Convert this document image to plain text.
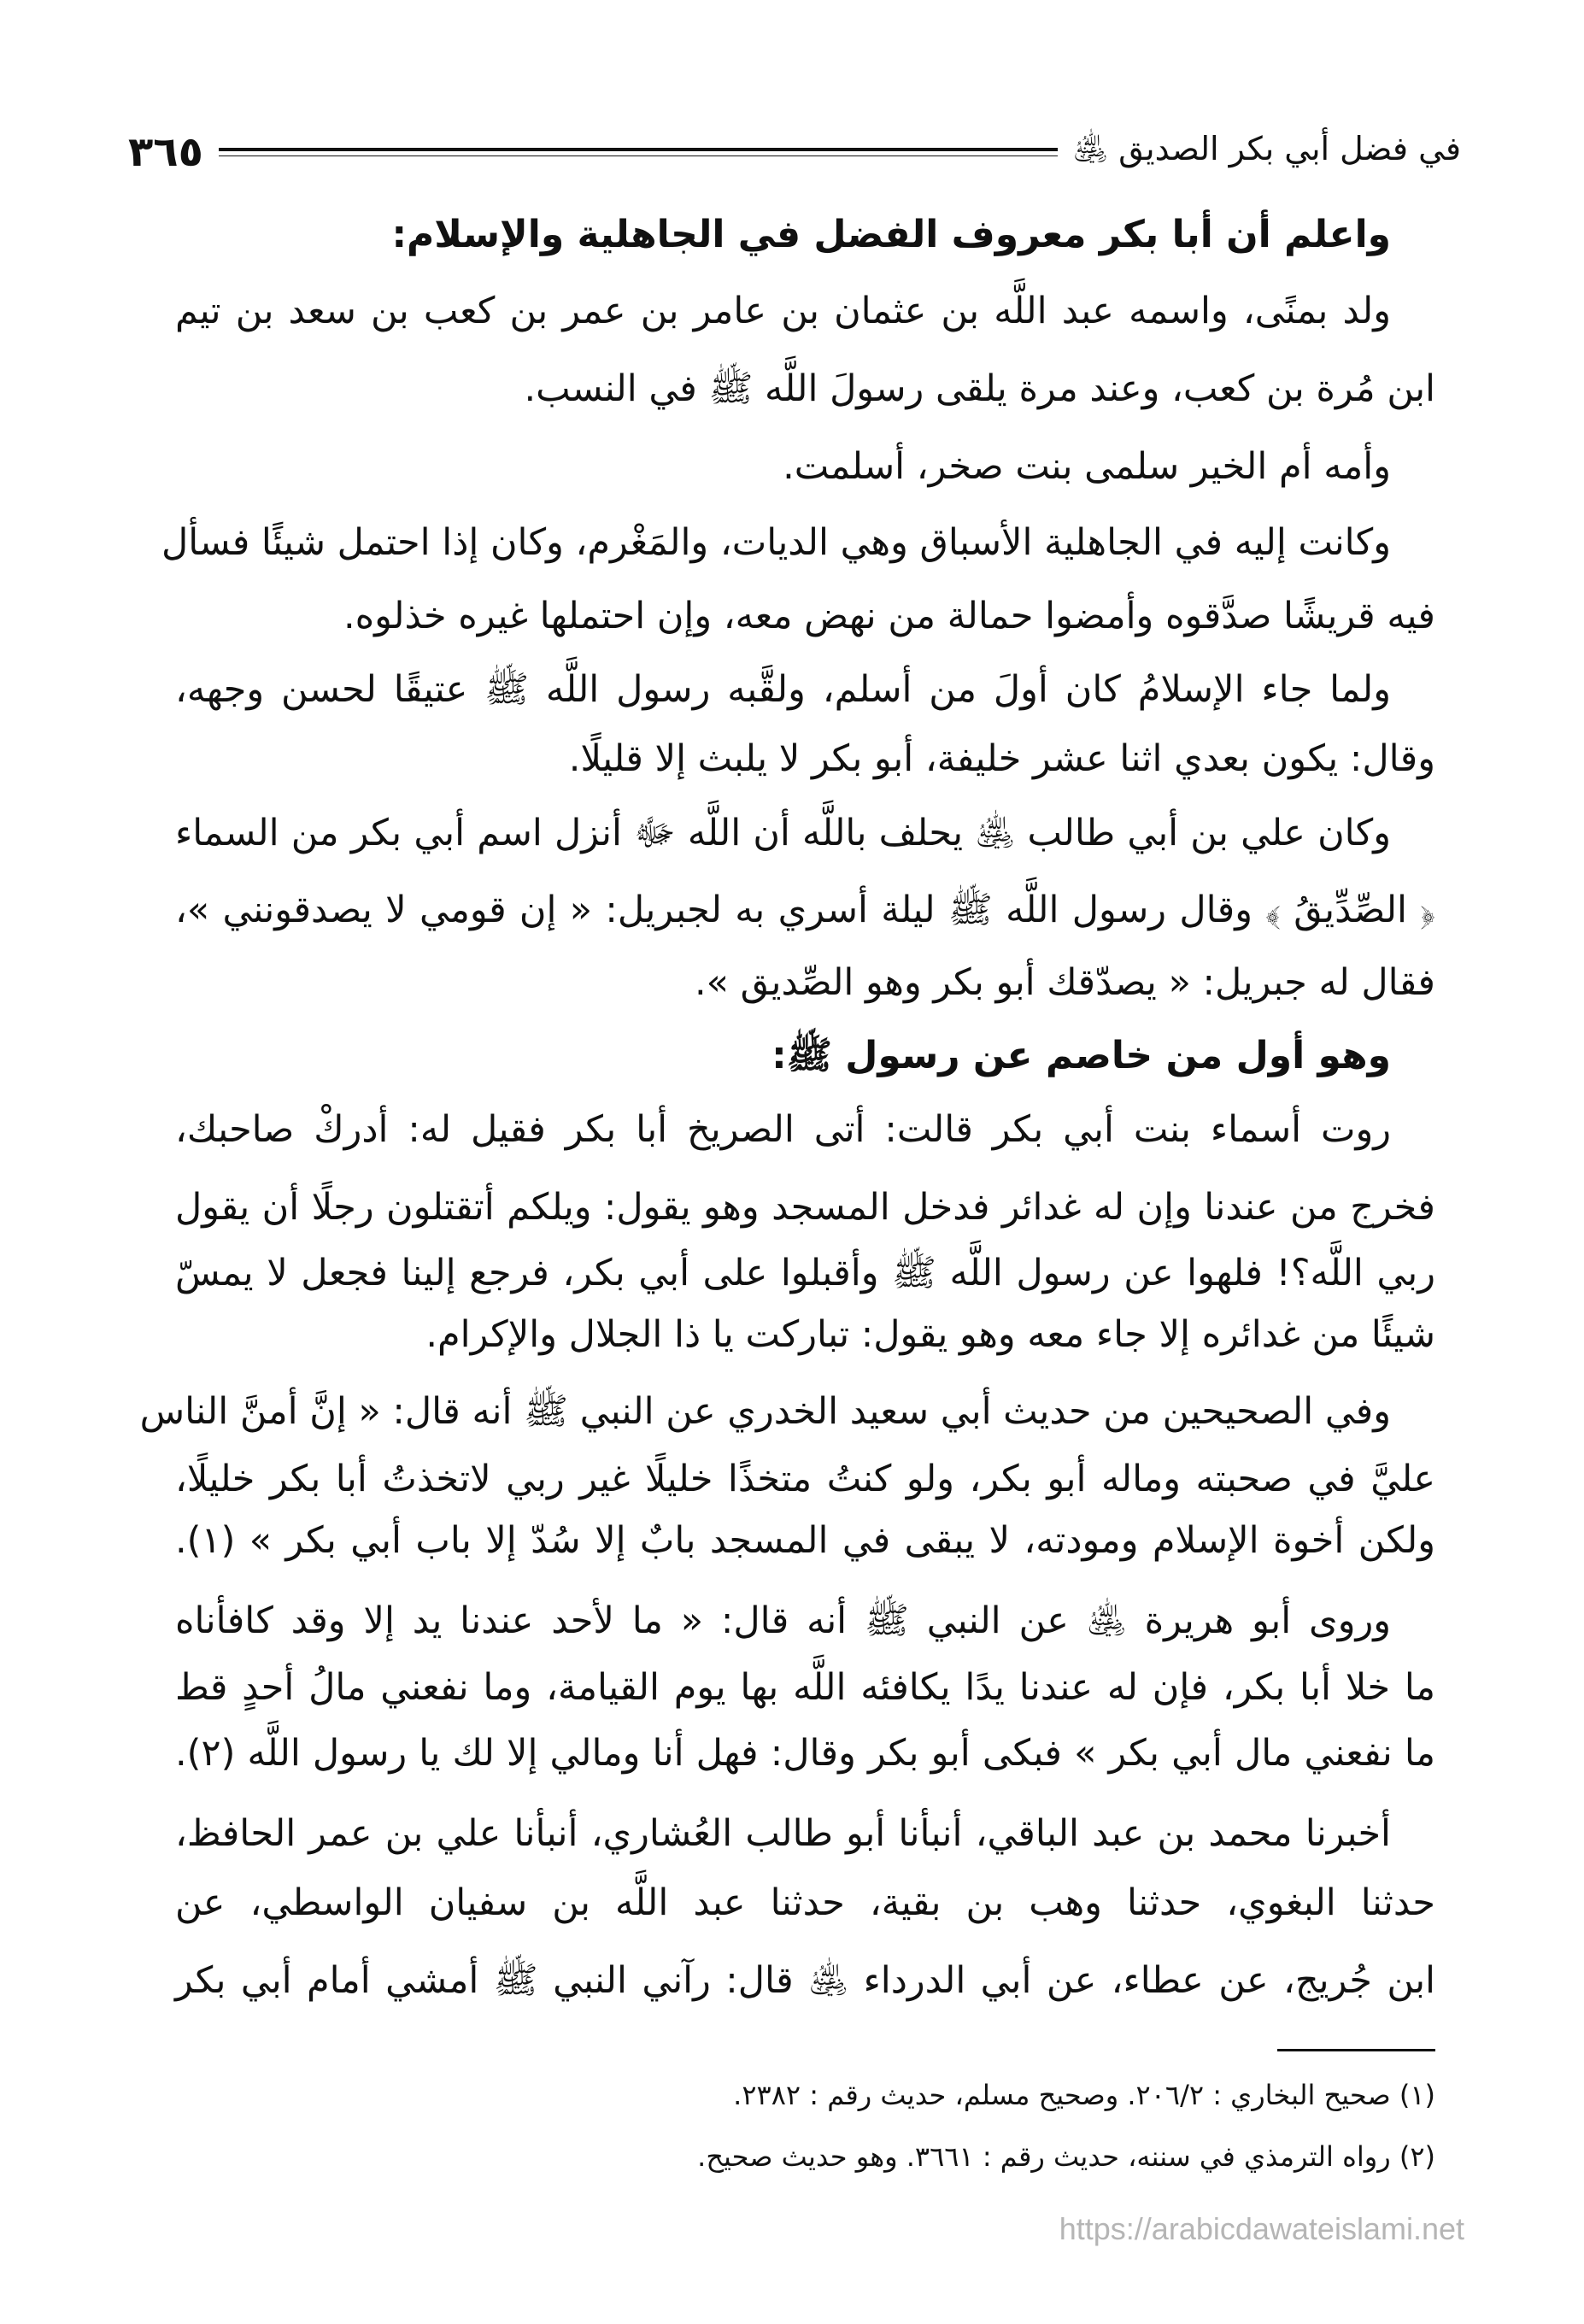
في فضل أبي بكر الصديق ﵁
٣٦٥
واعلم أن أبا بكر معروف الفضل في الجاهلية والإسلام:
ولد بمنًى، واسمه عبد اللَّه بن عثمان بن عامر بن عمر بن كعب بن سعد بن تيم
ابن مُرة بن كعب، وعند مرة يلقى رسولَ اللَّه ﷺ في النسب.
وأمه أم الخير سلمى بنت صخر، أسلمت.
وكانت إليه في الجاهلية الأسباق وهي الديات، والمَغْرم، وكان إذا احتمل شيئًا فسأل
فيه قريشًا صدَّقوه وأمضوا حمالة من نهض معه، وإن احتملها غيره خذلوه.
ولما جاء الإسلامُ كان أولَ من أسلم، ولقَّبه رسول اللَّه ﷺ عتيقًا لحسن وجهه،
وقال: يكون بعدي اثنا عشر خليفة، أبو بكر لا يلبث إلا قليلًا.
وكان علي بن أبي طالب ﵁ يحلف باللَّه أن اللَّه ﷻ أنزل اسم أبي بكر من السماء
﴿ الصِّدِّيقُ ﴾ وقال رسول اللَّه ﷺ ليلة أسري به لجبريل: « إن قومي لا يصدقونني »،
فقال له جبريل: « يصدّقك أبو بكر وهو الصِّديق ».
وهو أول من خاصم عن رسول ﷺ:
روت أسماء بنت أبي بكر قالت: أتى الصريخ أبا بكر فقيل له: أدركْ صاحبك،
فخرج من عندنا وإن له غدائر فدخل المسجد وهو يقول: ويلكم أتقتلون رجلًا أن يقول
ربي اللَّه؟! فلهوا عن رسول اللَّه ﷺ وأقبلوا على أبي بكر، فرجع إلينا فجعل لا يمسّ
شيئًا من غدائره إلا جاء معه وهو يقول: تباركت يا ذا الجلال والإكرام.
وفي الصحيحين من حديث أبي سعيد الخدري عن النبي ﷺ أنه قال: « إنَّ أمنَّ الناس
عليَّ في صحبته وماله أبو بكر، ولو كنتُ متخذًا خليلًا غير ربي لاتخذتُ أبا بكر خليلًا،
ولكن أخوة الإسلام ومودته، لا يبقى في المسجد بابٌ إلا سُدّ إلا باب أبي بكر » (١).
وروى أبو هريرة ﵁ عن النبي ﷺ أنه قال: « ما لأحد عندنا يد إلا وقد كافأناه
ما خلا أبا بكر، فإن له عندنا يدًا يكافئه اللَّه بها يوم القيامة، وما نفعني مالُ أحدٍ قط
ما نفعني مال أبي بكر » فبكى أبو بكر وقال: فهل أنا ومالي إلا لك يا رسول اللَّه (٢).
أخبرنا محمد بن عبد الباقي، أنبأنا أبو طالب العُشاري، أنبأنا علي بن عمر الحافظ،
حدثنا البغوي، حدثنا وهب بن بقية، حدثنا عبد اللَّه بن سفيان الواسطي، عن
ابن جُريج، عن عطاء، عن أبي الدرداء ﵁ قال: رآني النبي ﷺ أمشي أمام أبي بكر
(١) صحيح البخاري : ٢٠٦/٢. وصحيح مسلم، حديث رقم : ٢٣٨٢.
(٢) رواه الترمذي في سننه، حديث رقم : ٣٦٦١. وهو حديث صحيح.
https://arabicdawateislami.net
